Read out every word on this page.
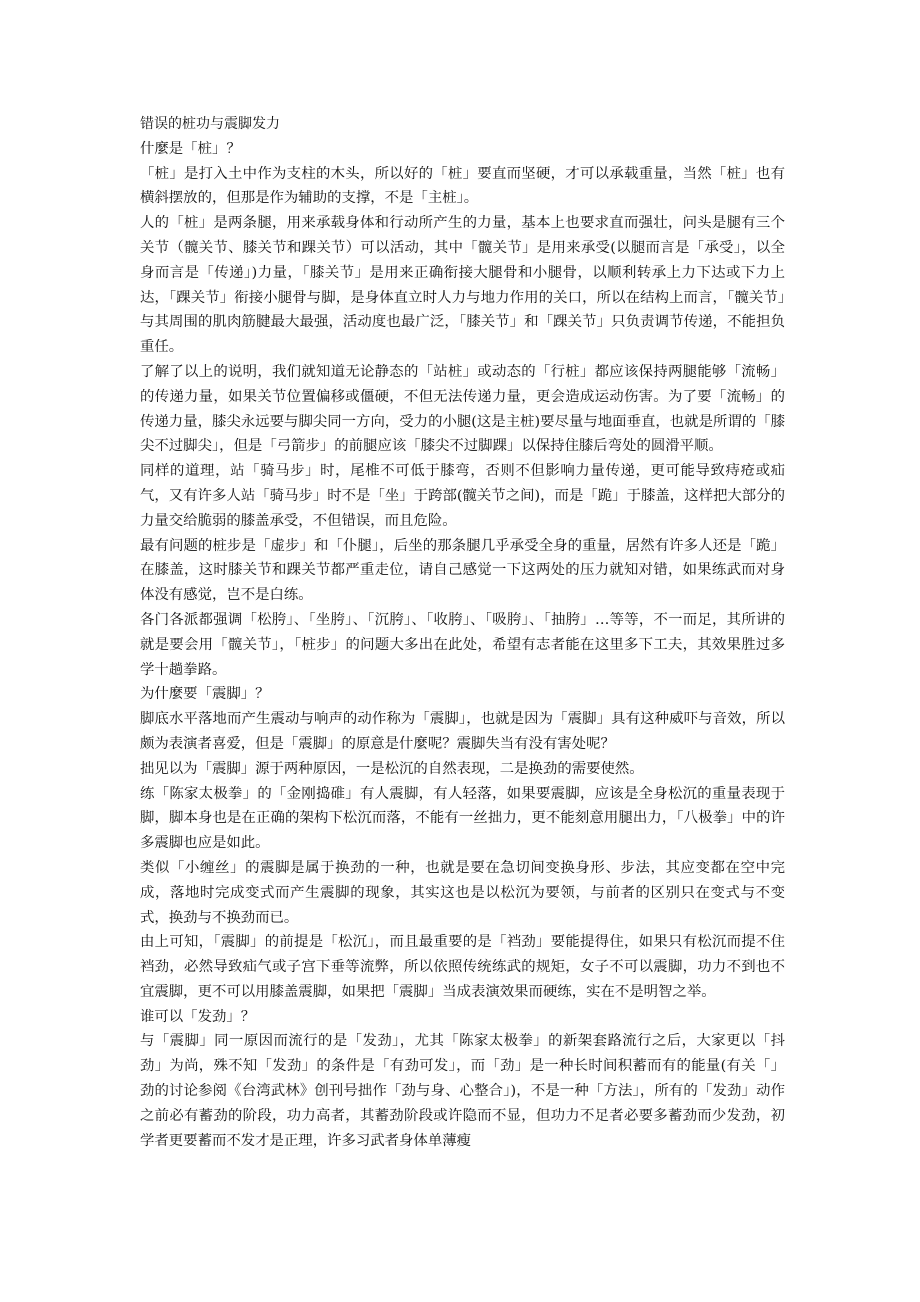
错误的桩功与震脚发力

什麼是「桩」？

「桩」是打入土中作为支柱的木头，所以好的「桩」要直而坚硬，才可以承载重量，当然「桩」也有横斜摆放的，但那是作为辅助的支撑，不是「主桩」。

人的「桩」是两条腿，用来承载身体和行动所产生的力量，基本上也要求直而强壮，问头是腿有三个关节（髋关节、膝关节和踝关节）可以活动，其中「髋关节」是用来承受(以腿而言是「承受」，以全身而言是「传递」)力量，「膝关节」是用来正确衔接大腿骨和小腿骨，以顺利转承上力下达或下力上达，「踝关节」衔接小腿骨与脚，是身体直立时人力与地力作用的关口，所以在结构上而言，「髋关节」与其周围的肌肉筋腱最大最强，活动度也最广泛，「膝关节」和「踝关节」只负责调节传递，不能担负重任。

了解了以上的说明，我们就知道无论静态的「站桩」或动态的「行桩」都应该保持两腿能够「流畅」的传递力量，如果关节位置偏移或僵硬，不但无法传递力量，更会造成运动伤害。为了要「流畅」的传递力量，膝尖永远要与脚尖同一方向，受力的小腿(这是主桩)要尽量与地面垂直，也就是所谓的「膝尖不过脚尖」，但是「弓箭步」的前腿应该「膝尖不过脚踝」以保持住膝后弯处的圆滑平顺。

同样的道理，站「骑马步」时，尾椎不可低于膝弯，否则不但影响力量传递，更可能导致痔疮或疝气，又有许多人站「骑马步」时不是「坐」于跨部(髋关节之间)，而是「跪」于膝盖，这样把大部分的力量交给脆弱的膝盖承受，不但错误，而且危险。

最有问题的桩步是「虚步」和「仆腿」，后坐的那条腿几乎承受全身的重量，居然有许多人还是「跪」在膝盖，这时膝关节和踝关节都严重走位，请自己感觉一下这两处的压力就知对错，如果练武而对身体没有感觉，岂不是白练。

各门各派都强调「松胯」、「坐胯」、「沉胯」、「收胯」、「吸胯」、「抽胯」…等等，不一而足，其所讲的就是要会用「髋关节」，「桩步」的问题大多出在此处，希望有志者能在这里多下工夫，其效果胜过多学十趟拳路。

为什麼要「震脚」？

脚底水平落地而产生震动与响声的动作称为「震脚」，也就是因为「震脚」具有这种威吓与音效，所以颇为表演者喜爱，但是「震脚」的原意是什麼呢？震脚失当有没有害处呢？

拙见以为「震脚」源于两种原因，一是松沉的自然表现，二是换劲的需要使然。

练「陈家太极拳」的「金刚捣碓」有人震脚，有人轻落，如果要震脚，应该是全身松沉的重量表现于脚，脚本身也是在正确的架构下松沉而落，不能有一丝拙力，更不能刻意用腿出力，「八极拳」中的许多震脚也应是如此。

类似「小缠丝」的震脚是属于换劲的一种，也就是要在急切间变换身形、步法，其应变都在空中完成，落地时完成变式而产生震脚的现象，其实这也是以松沉为要领，与前者的区别只在变式与不变式，换劲与不换劲而已。

由上可知，「震脚」的前提是「松沉」，而且最重要的是「裆劲」要能提得住，如果只有松沉而提不住裆劲，必然导致疝气或子宫下垂等流弊，所以依照传统练武的规矩，女子不可以震脚，功力不到也不宜震脚，更不可以用膝盖震脚，如果把「震脚」当成表演效果而硬练，实在不是明智之举。

谁可以「发劲」？

与「震脚」同一原因而流行的是「发劲」，尤其「陈家太极拳」的新架套路流行之后，大家更以「抖劲」为尚，殊不知「发劲」的条件是「有劲可发」，而「劲」是一种长时间积蓄而有的能量(有关「」劲的讨论参阅《台湾武林》创刊号拙作「劲与身、心整合」)，不是一种「方法」，所有的「发劲」动作之前必有蓄劲的阶段，功力高者，其蓄劲阶段或许隐而不显，但功力不足者必要多蓄劲而少发劲，初学者更要蓄而不发才是正理，许多习武者身体单薄瘦
